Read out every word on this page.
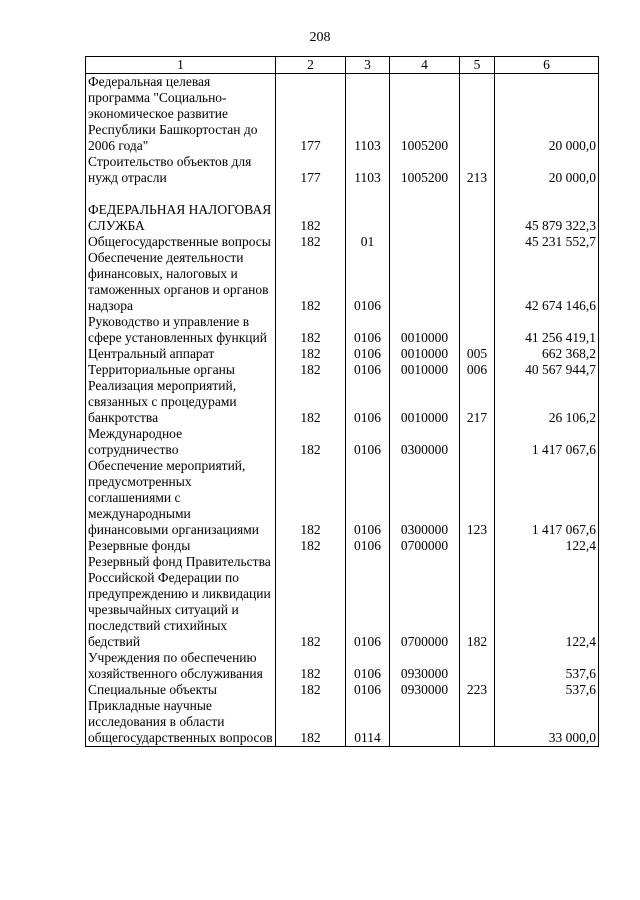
208
1	2	3	4	5	6
Федеральная целевая программа "Социально-экономическое развитие Республики Башкортостан до 2006 года"	177	1103	1005200		20 000,0
Строительство объектов для нужд отрасли	177	1103	1005200	213	20 000,0

ФЕДЕРАЛЬНАЯ НАЛОГОВАЯ СЛУЖБА	182				45 879 322,3
Общегосударственные вопросы	182	01			45 231 552,7
Обеспечение деятельности финансовых, налоговых и таможенных органов и органов надзора	182	0106			42 674 146,6
Руководство и управление в сфере установленных функций	182	0106	0010000		41 256 419,1
Центральный аппарат	182	0106	0010000	005	662 368,2
Территориальные органы	182	0106	0010000	006	40 567 944,7
Реализация мероприятий, связанных с процедурами банкротства	182	0106	0010000	217	26 106,2
Международное сотрудничество	182	0106	0300000		1 417 067,6
Обеспечение мероприятий, предусмотренных соглашениями с международными финансовыми организациями	182	0106	0300000	123	1 417 067,6
Резервные фонды	182	0106	0700000		122,4
Резервный фонд Правительства Российской Федерации по предупреждению и ликвидации чрезвычайных ситуаций и последствий стихийных бедствий	182	0106	0700000	182	122,4
Учреждения по обеспечению хозяйственного обслуживания	182	0106	0930000		537,6
Специальные объекты	182	0106	0930000	223	537,6
Прикладные научные исследования в области общегосударственных вопросов	182	0114			33 000,0
